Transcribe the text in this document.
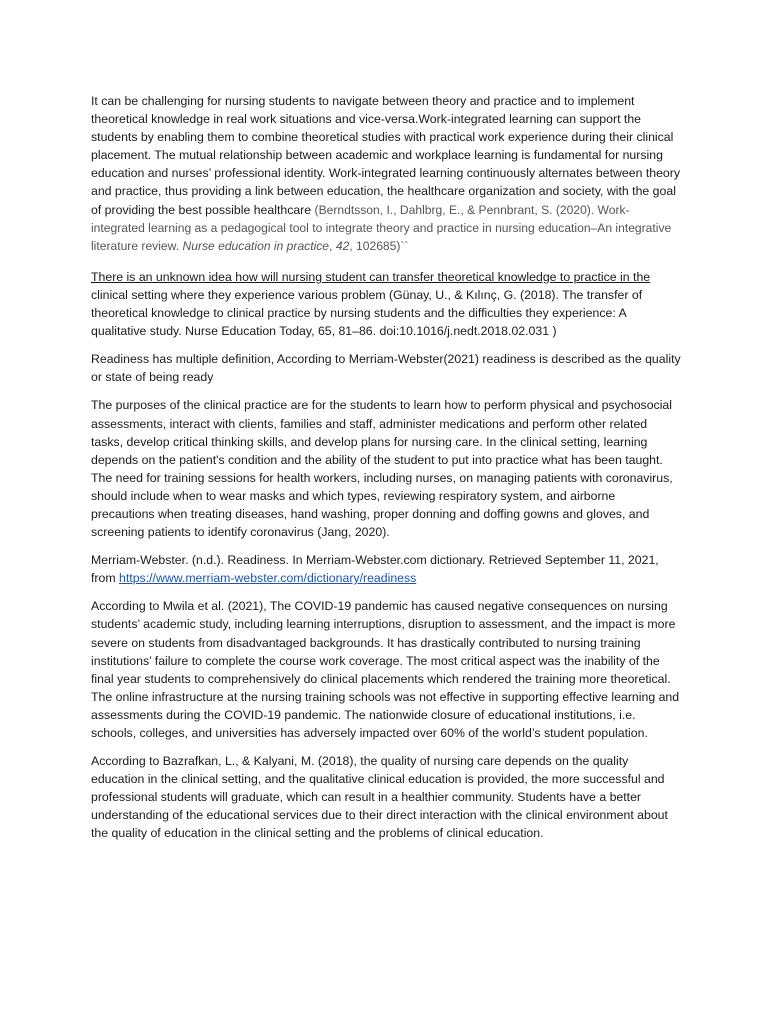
It can be challenging for nursing students to navigate between theory and practice and to implement theoretical knowledge in real work situations and vice-versa.Work-integrated learning can support the students by enabling them to combine theoretical studies with practical work experience during their clinical placement. The mutual relationship between academic and workplace learning is fundamental for nursing education and nurses’ professional identity. Work-integrated learning continuously alternates between theory and practice, thus providing a link between education, the healthcare organization and society, with the goal of providing the best possible healthcare (Berndtsson, I., Dahlbrg, E., & Pennbrant, S. (2020). Work-integrated learning as a pedagogical tool to integrate theory and practice in nursing education–An integrative literature review. Nurse education in practice, 42, 102685)``

There is an unknown idea how will nursing student can transfer theoretical knowledge to practice in the clinical setting where they experience various problem (Günay, U., & Kılınç, G. (2018). The transfer of theoretical knowledge to clinical practice by nursing students and the difficulties they experience: A qualitative study. Nurse Education Today, 65, 81–86. doi:10.1016/j.nedt.2018.02.031 )

Readiness has multiple definition, According to Merriam-Webster(2021) readiness is described as the quality or state of being ready

The purposes of the clinical practice are for the students to learn how to perform physical and psychosocial assessments, interact with clients, families and staff, administer medications and perform other related tasks, develop critical thinking skills, and develop plans for nursing care. In the clinical setting, learning depends on the patient's condition and the ability of the student to put into practice what has been taught. The need for training sessions for health workers, including nurses, on managing patients with coronavirus, should include when to wear masks and which types, reviewing respiratory system, and airborne precautions when treating diseases, hand washing, proper donning and doffing gowns and gloves, and screening patients to identify coronavirus (Jang, 2020).

Merriam-Webster. (n.d.). Readiness. In Merriam-Webster.com dictionary. Retrieved September 11, 2021, from https://www.merriam-webster.com/dictionary/readiness

According to Mwila et al. (2021), The COVID-19 pandemic has caused negative consequences on nursing students’ academic study, including learning interruptions, disruption to assessment, and the impact is more severe on students from disadvantaged backgrounds. It has drastically contributed to nursing training institutions’ failure to complete the course work coverage. The most critical aspect was the inability of the final year students to comprehensively do clinical placements which rendered the training more theoretical. The online infrastructure at the nursing training schools was not effective in supporting effective learning and assessments during the COVID-19 pandemic. The nationwide closure of educational institutions, i.e. schools, colleges, and universities has adversely impacted over 60% of the world’s student population.

According to Bazrafkan, L., & Kalyani, M. (2018), the quality of nursing care depends on the quality education in the clinical setting, and the qualitative clinical education is provided, the more successful and professional students will graduate, which can result in a healthier community. Students have a better understanding of the educational services due to their direct interaction with the clinical environment about the quality of education in the clinical setting and the problems of clinical education.
